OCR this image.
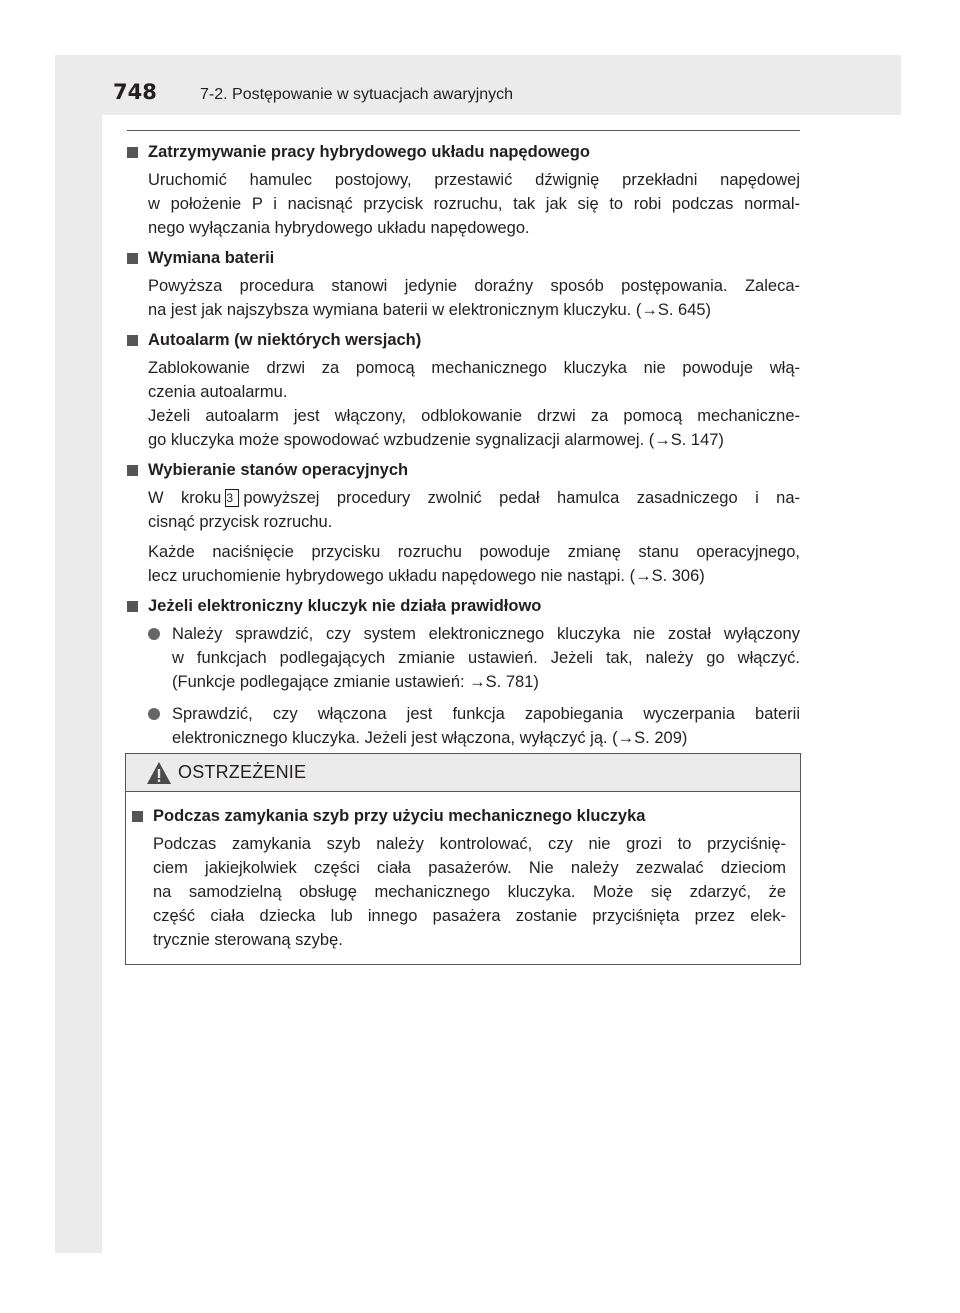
748	7-2. Postępowanie w sytuacjach awaryjnych
Zatrzymywanie pracy hybrydowego układu napędowego
Uruchomić hamulec postojowy, przestawić dźwignię przekładni napędowej
w położenie P i nacisnąć przycisk rozruchu, tak jak się to robi podczas normal-
nego wyłączania hybrydowego układu napędowego.
Wymiana baterii
Powyższa procedura stanowi jedynie doraźny sposób postępowania. Zaleca-
na jest jak najszybsza wymiana baterii w elektronicznym kluczyku. (→S. 645)
Autoalarm (w niektórych wersjach)
Zablokowanie drzwi za pomocą mechanicznego kluczyka nie powoduje włą-
czenia autoalarmu.
Jeżeli autoalarm jest włączony, odblokowanie drzwi za pomocą mechaniczne-
go kluczyka może spowodować wzbudzenie sygnalizacji alarmowej. (→S. 147)
Wybieranie stanów operacyjnych
W kroku 3 powyższej procedury zwolnić pedał hamulca zasadniczego i na-
cisnąć przycisk rozruchu.
Każde naciśnięcie przycisku rozruchu powoduje zmianę stanu operacyjnego,
lecz uruchomienie hybrydowego układu napędowego nie nastąpi. (→S. 306)
Jeżeli elektroniczny kluczyk nie działa prawidłowo
Należy sprawdzić, czy system elektronicznego kluczyka nie został wyłączony
w funkcjach podlegających zmianie ustawień. Jeżeli tak, należy go włączyć.
(Funkcje podlegające zmianie ustawień: →S. 781)
Sprawdzić, czy włączona jest funkcja zapobiegania wyczerpania baterii
elektronicznego kluczyka. Jeżeli jest włączona, wyłączyć ją. (→S. 209)
OSTRZEŻENIE
Podczas zamykania szyb przy użyciu mechanicznego kluczyka
Podczas zamykania szyb należy kontrolować, czy nie grozi to przyciśnię-
ciem jakiejkolwiek części ciała pasażerów. Nie należy zezwalać dzieciom
na samodzielną obsługę mechanicznego kluczyka. Może się zdarzyć, że
część ciała dziecka lub innego pasażera zostanie przyciśnięta przez elek-
trycznie sterowaną szybę.
